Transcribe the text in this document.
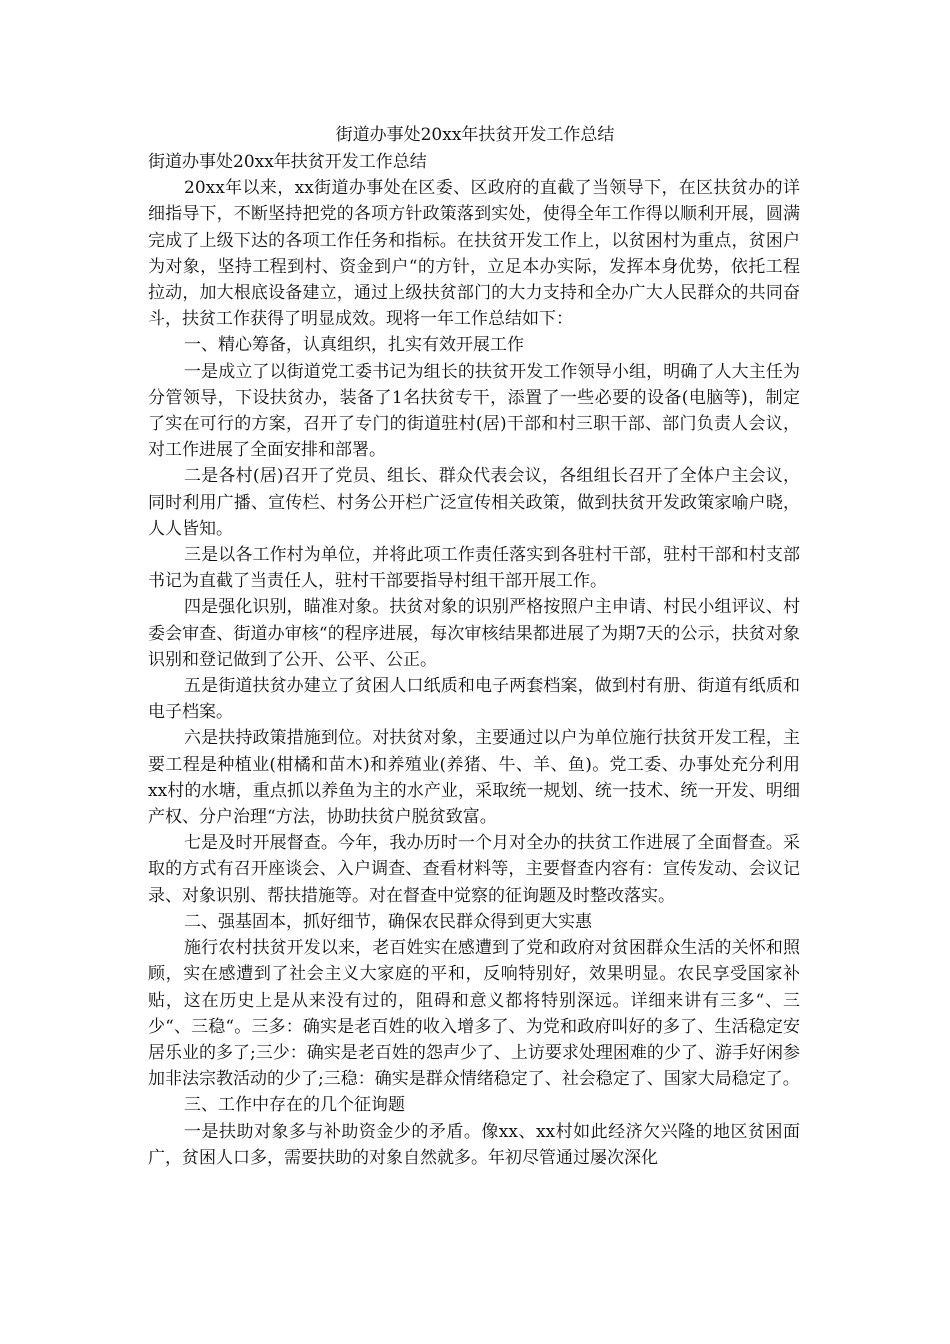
街道办事处20xx年扶贫开发工作总结

街道办事处20xx年扶贫开发工作总结

20xx年以来，xx街道办事处在区委、区政府的直截了当领导下，在区扶贫办的详细指导下，不断坚持把党的各项方针政策落到实处，使得全年工作得以顺利开展，圆满完成了上级下达的各项工作任务和指标。在扶贫开发工作上，以贫困村为重点，贫困户为对象，坚持工程到村、资金到户“的方针，立足本办实际，发挥本身优势，依托工程拉动，加大根底设备建立，通过上级扶贫部门的大力支持和全办广大人民群众的共同奋斗，扶贫工作获得了明显成效。现将一年工作总结如下：

一、精心筹备，认真组织，扎实有效开展工作

一是成立了以街道党工委书记为组长的扶贫开发工作领导小组，明确了人大主任为分管领导，下设扶贫办，装备了1名扶贫专干，添置了一些必要的设备(电脑等)，制定了实在可行的方案，召开了专门的街道驻村(居)干部和村三职干部、部门负责人会议，对工作进展了全面安排和部署。

二是各村(居)召开了党员、组长、群众代表会议，各组组长召开了全体户主会议，同时利用广播、宣传栏、村务公开栏广泛宣传相关政策，做到扶贫开发政策家喻户晓，人人皆知。

三是以各工作村为单位，并将此项工作责任落实到各驻村干部，驻村干部和村支部书记为直截了当责任人，驻村干部要指导村组干部开展工作。

四是强化识别，瞄准对象。扶贫对象的识别严格按照户主申请、村民小组评议、村委会审查、街道办审核“的程序进展，每次审核结果都进展了为期7天的公示，扶贫对象识别和登记做到了公开、公平、公正。

五是街道扶贫办建立了贫困人口纸质和电子两套档案，做到村有册、街道有纸质和电子档案。

六是扶持政策措施到位。对扶贫对象，主要通过以户为单位施行扶贫开发工程，主要工程是种植业(柑橘和苗木)和养殖业(养猪、牛、羊、鱼)。党工委、办事处充分利用xx村的水塘，重点抓以养鱼为主的水产业，采取统一规划、统一技术、统一开发、明细产权、分户治理“方法，协助扶贫户脱贫致富。

七是及时开展督查。今年，我办历时一个月对全办的扶贫工作进展了全面督查。采取的方式有召开座谈会、入户调查、查看材料等，主要督查内容有：宣传发动、会议记录、对象识别、帮扶措施等。对在督查中觉察的征询题及时整改落实。

二、强基固本，抓好细节，确保农民群众得到更大实惠

施行农村扶贫开发以来，老百姓实在感遭到了党和政府对贫困群众生活的关怀和照顾，实在感遭到了社会主义大家庭的平和，反响特别好，效果明显。农民享受国家补贴，这在历史上是从来没有过的，阻碍和意义都将特别深远。详细来讲有三多“、三少“、三稳“。三多：确实是老百姓的收入增多了、为党和政府叫好的多了、生活稳定安居乐业的多了;三少：确实是老百姓的怨声少了、上访要求处理困难的少了、游手好闲参加非法宗教活动的少了;三稳：确实是群众情绪稳定了、社会稳定了、国家大局稳定了。

三、工作中存在的几个征询题

一是扶助对象多与补助资金少的矛盾。像xx、xx村如此经济欠兴隆的地区贫困面广，贫困人口多，需要扶助的对象自然就多。年初尽管通过屡次深化
